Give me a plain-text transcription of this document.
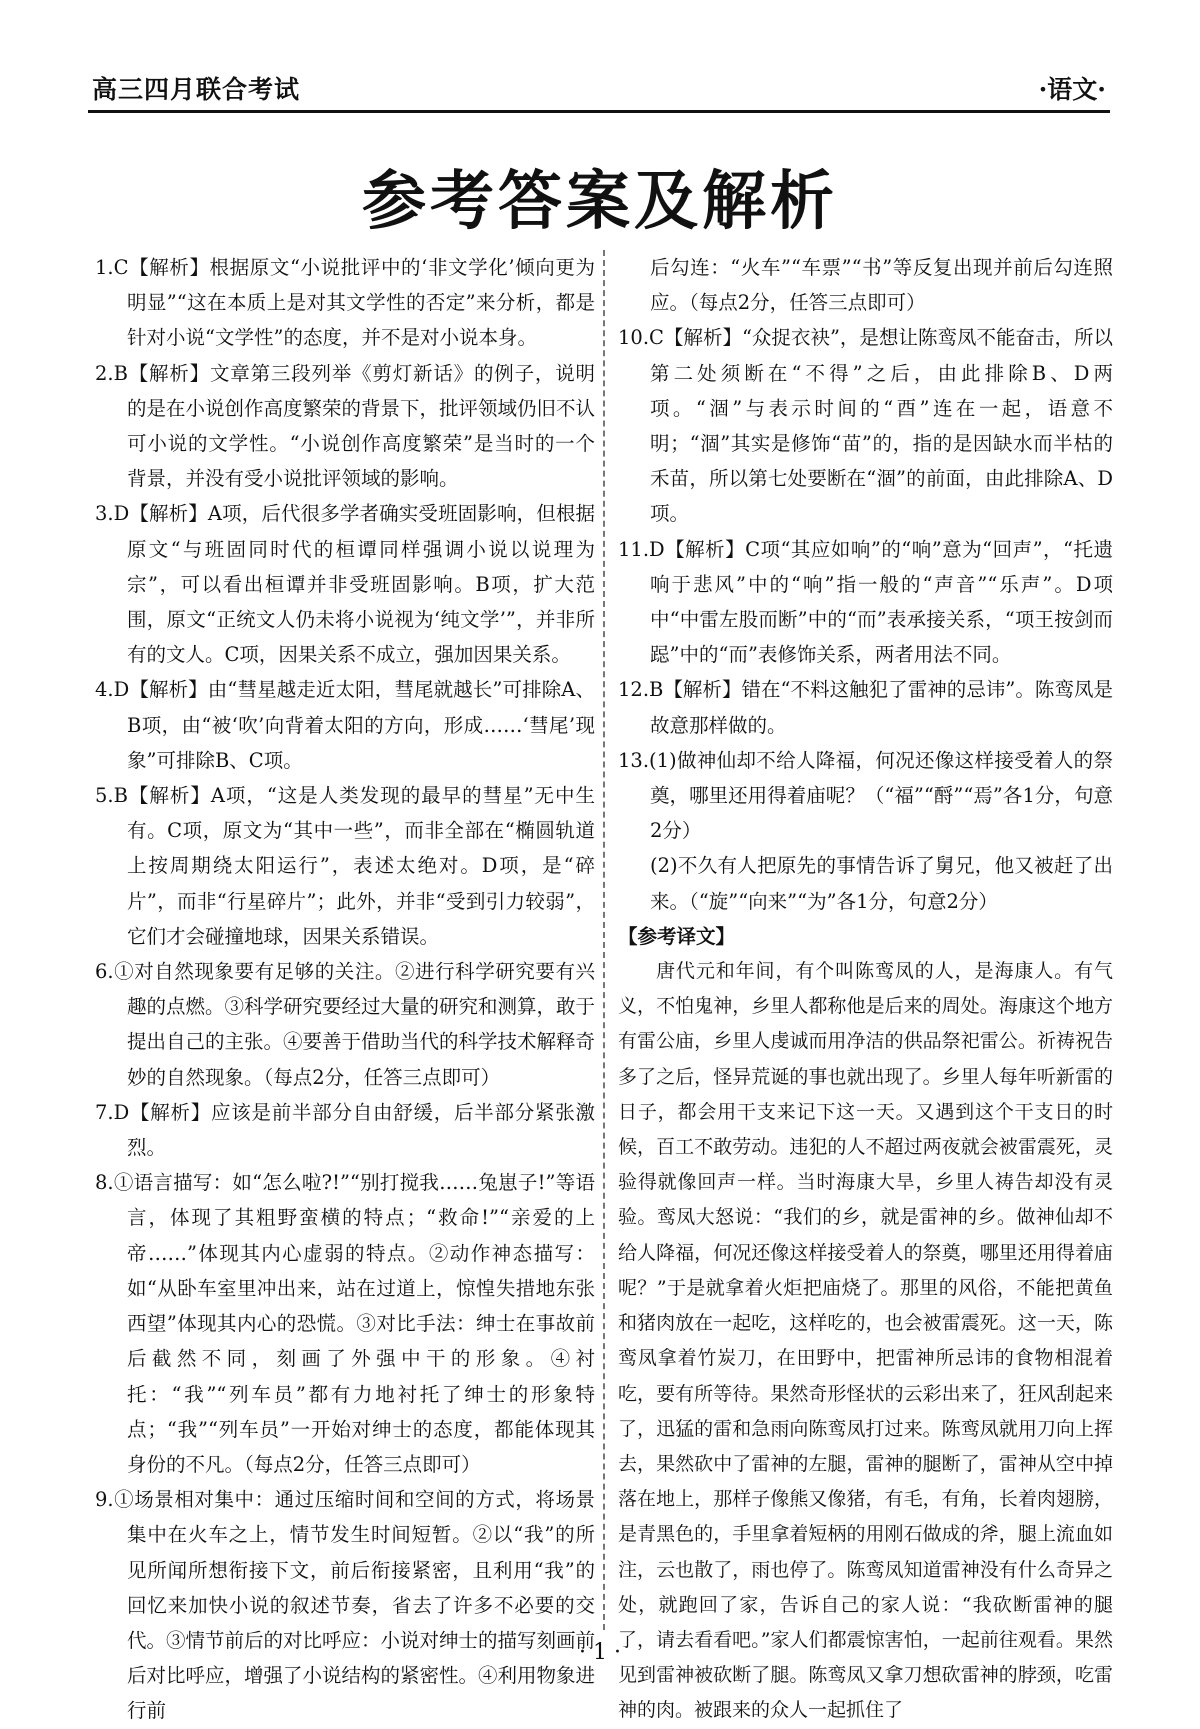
高三四月联合考试	·语文·
参考答案及解析

1.C【解析】根据原文“小说批评中的‘非文学化’倾向更为明显”“这在本质上是对其文学性的否定”来分析，都是针对小说“文学性”的态度，并不是对小说本身。

2.B【解析】文章第三段列举《剪灯新话》的例子，说明的是在小说创作高度繁荣的背景下，批评领域仍旧不认可小说的文学性。“小说创作高度繁荣”是当时的一个背景，并没有受小说批评领域的影响。

3.D【解析】A项，后代很多学者确实受班固影响，但根据原文“与班固同时代的桓谭同样强调小说以说理为宗”，可以看出桓谭并非受班固影响。B项，扩大范围，原文“正统文人仍未将小说视为‘纯文学’”，并非所有的文人。C项，因果关系不成立，强加因果关系。

4.D【解析】由“彗星越走近太阳，彗尾就越长”可排除A、B项，由“被‘吹’向背着太阳的方向，形成……‘彗尾’现象”可排除B、C项。

5.B【解析】A项，“这是人类发现的最早的彗星”无中生有。C项，原文为“其中一些”，而非全部在“椭圆轨道上按周期绕太阳运行”，表述太绝对。D项，是“碎片”，而非“行星碎片”；此外，并非“受到引力较弱”，它们才会碰撞地球，因果关系错误。

6.①对自然现象要有足够的关注。②进行科学研究要有兴趣的点燃。③科学研究要经过大量的研究和测算，敢于提出自己的主张。④要善于借助当代的科学技术解释奇妙的自然现象。（每点2分，任答三点即可）

7.D【解析】应该是前半部分自由舒缓，后半部分紧张激烈。

8.①语言描写：如“怎么啦?!”“别打搅我……兔崽子!”等语言，体现了其粗野蛮横的特点；“救命!”“亲爱的上帝……”体现其内心虚弱的特点。②动作神态描写：如“从卧车室里冲出来，站在过道上，惊惶失措地东张西望”体现其内心的恐慌。③对比手法：绅士在事故前后截然不同，刻画了外强中干的形象。④衬托：“我”“列车员”都有力地衬托了绅士的形象特点；“我”“列车员”一开始对绅士的态度，都能体现其身份的不凡。（每点2分，任答三点即可）

9.①场景相对集中：通过压缩时间和空间的方式，将场景集中在火车之上，情节发生时间短暂。②以“我”的所见所闻所想衔接下文，前后衔接紧密，且利用“我”的回忆来加快小说的叙述节奏，省去了许多不必要的交代。③情节前后的对比呼应：小说对绅士的描写刻画前后对比呼应，增强了小说结构的紧密性。④利用物象进行前

后勾连：“火车”“车票”“书”等反复出现并前后勾连照应。（每点2分，任答三点即可）

10.C【解析】“众捉衣袂”，是想让陈鸾凤不能奋击，所以第二处须断在“不得”之后，由此排除B、D两项。“涸”与表示时间的“酉”连在一起，语意不明；“涸”其实是修饰“苗”的，指的是因缺水而半枯的禾苗，所以第七处要断在“涸”的前面，由此排除A、D项。

11.D【解析】C项“其应如响”的“响”意为“回声”，“托遗响于悲风”中的“响”指一般的“声音”“乐声”。D项中“中雷左股而断”中的“而”表承接关系，“项王按剑而跽”中的“而”表修饰关系，两者用法不同。

12.B【解析】错在“不料这触犯了雷神的忌讳”。陈鸾凤是故意那样做的。

13.(1)做神仙却不给人降福，何况还像这样接受着人的祭奠，哪里还用得着庙呢？（“福”“酹”“焉”各1分，句意2分）

(2)不久有人把原先的事情告诉了舅兄，他又被赶了出来。（“旋”“向来”“为”各1分，句意2分）

【参考译文】

唐代元和年间，有个叫陈鸾凤的人，是海康人。有气义，不怕鬼神，乡里人都称他是后来的周处。海康这个地方有雷公庙，乡里人虔诚而用净洁的供品祭祀雷公。祈祷祝告多了之后，怪异荒诞的事也就出现了。乡里人每年听新雷的日子，都会用干支来记下这一天。又遇到这个干支日的时候，百工不敢劳动。违犯的人不超过两夜就会被雷震死，灵验得就像回声一样。当时海康大旱，乡里人祷告却没有灵验。鸾凤大怒说：“我们的乡，就是雷神的乡。做神仙却不给人降福，何况还像这样接受着人的祭奠，哪里还用得着庙呢？”于是就拿着火炬把庙烧了。那里的风俗，不能把黄鱼和猪肉放在一起吃，这样吃的，也会被雷震死。这一天，陈鸾凤拿着竹炭刀，在田野中，把雷神所忌讳的食物相混着吃，要有所等待。果然奇形怪状的云彩出来了，狂风刮起来了，迅猛的雷和急雨向陈鸾凤打过来。陈鸾凤就用刀向上挥去，果然砍中了雷神的左腿，雷神的腿断了，雷神从空中掉落在地上，那样子像熊又像猪，有毛，有角，长着肉翅膀，是青黑色的，手里拿着短柄的用刚石做成的斧，腿上流血如注，云也散了，雨也停了。陈鸾凤知道雷神没有什么奇异之处，就跑回了家，告诉自己的家人说：“我砍断雷神的腿了，请去看看吧。”家人们都震惊害怕，一起前往观看。果然见到雷神被砍断了腿。陈鸾凤又拿刀想砍雷神的脖颈，吃雷神的肉。被跟来的众人一起抓住了

· 1 ·
